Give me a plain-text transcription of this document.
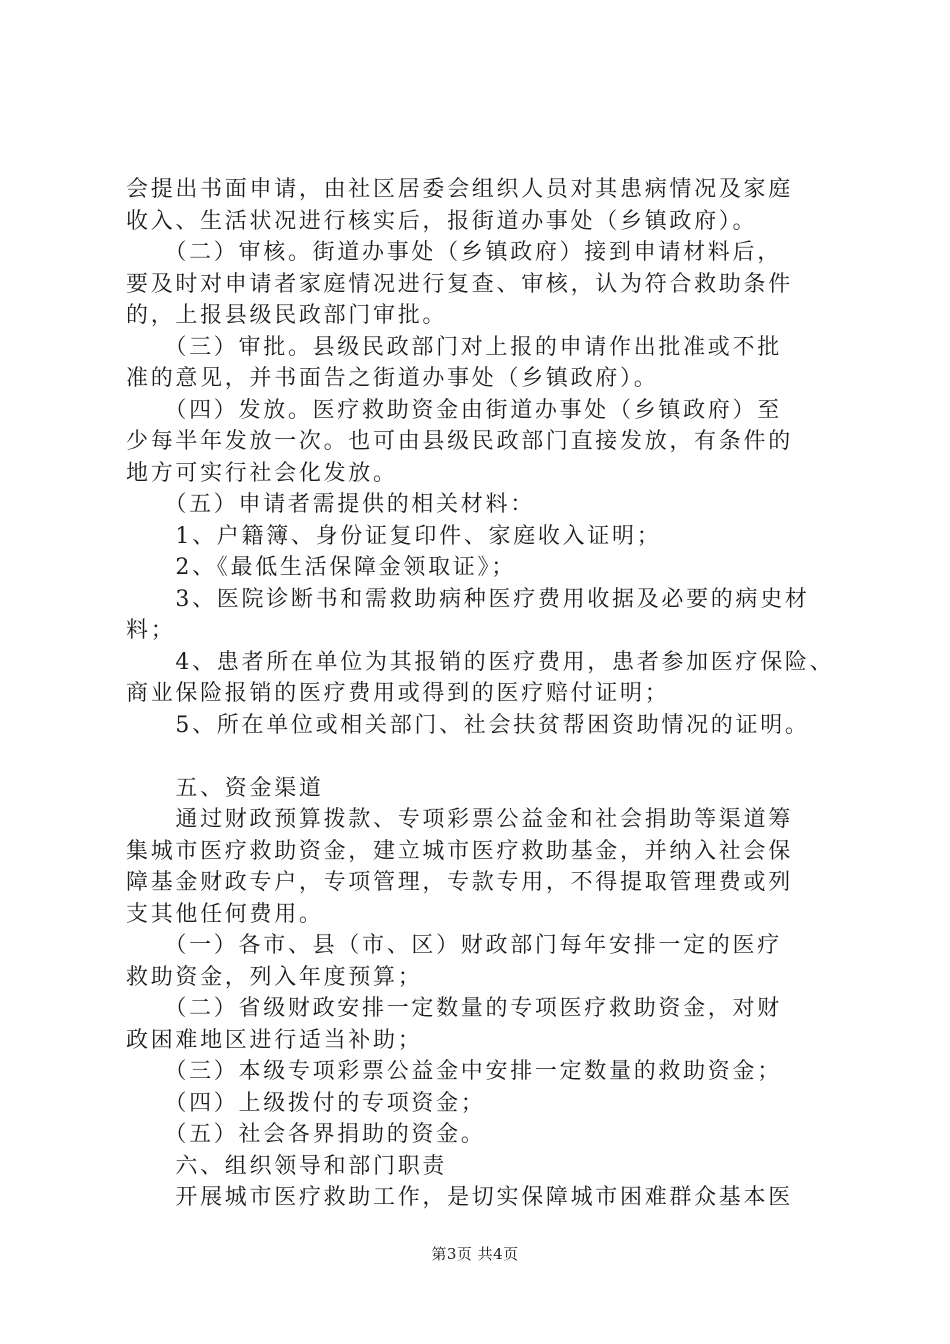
会提出书面申请，由社区居委会组织人员对其患病情况及家庭
收入、生活状况进行核实后，报街道办事处（乡镇政府）。
　　（二）审核。街道办事处（乡镇政府）接到申请材料后，
要及时对申请者家庭情况进行复查、审核，认为符合救助条件
的，上报县级民政部门审批。
　　（三）审批。县级民政部门对上报的申请作出批准或不批
准的意见，并书面告之街道办事处（乡镇政府）。
　　（四）发放。医疗救助资金由街道办事处（乡镇政府）至
少每半年发放一次。也可由县级民政部门直接发放，有条件的
地方可实行社会化发放。
　　（五）申请者需提供的相关材料：
　　1、户籍簿、身份证复印件、家庭收入证明；
　　2、《最低生活保障金领取证》；
　　3、医院诊断书和需救助病种医疗费用收据及必要的病史材
料；
　　4、患者所在单位为其报销的医疗费用，患者参加医疗保险、
商业保险报销的医疗费用或得到的医疗赔付证明；
　　5、所在单位或相关部门、社会扶贫帮困资助情况的证明。
　　五、资金渠道
　　通过财政预算拨款、专项彩票公益金和社会捐助等渠道筹
集城市医疗救助资金，建立城市医疗救助基金，并纳入社会保
障基金财政专户，专项管理，专款专用，不得提取管理费或列
支其他任何费用。
　　（一）各市、县（市、区）财政部门每年安排一定的医疗
救助资金，列入年度预算；
　　（二）省级财政安排一定数量的专项医疗救助资金，对财
政困难地区进行适当补助；
　　（三）本级专项彩票公益金中安排一定数量的救助资金；
　　（四）上级拨付的专项资金；
　　（五）社会各界捐助的资金。
　　六、组织领导和部门职责
　　开展城市医疗救助工作，是切实保障城市困难群众基本医
第3页 共4页
